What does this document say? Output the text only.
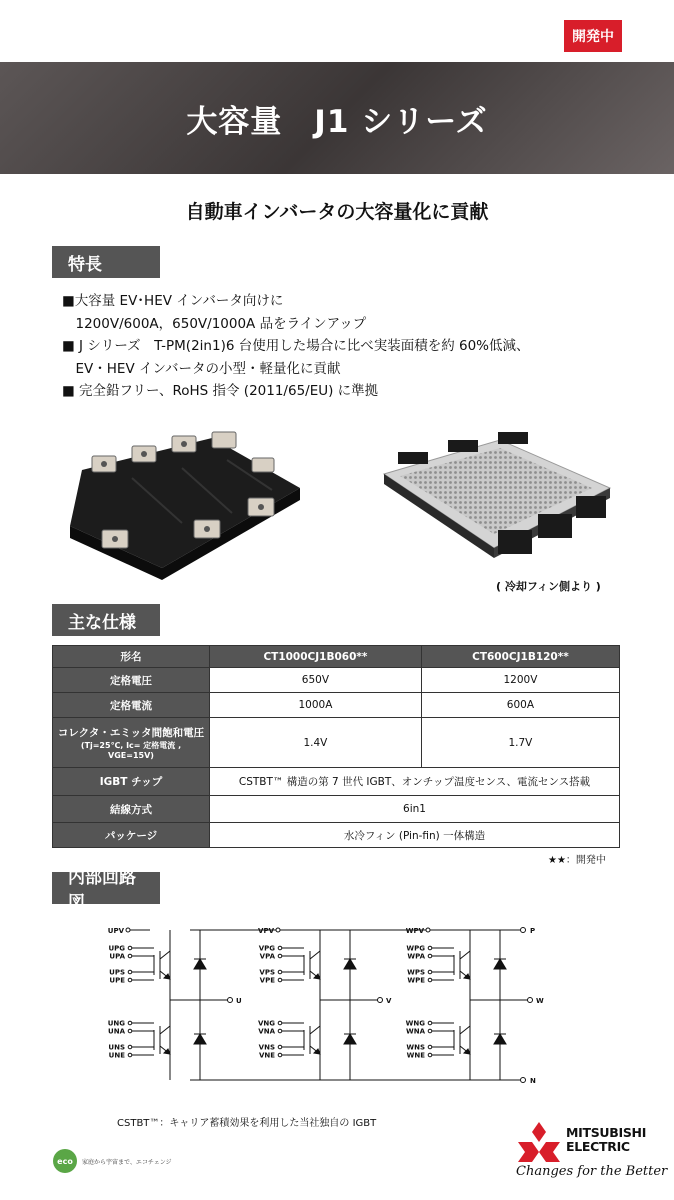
開発中
大容量　J1 シリーズ
自動車インバータの大容量化に貢献
特長
■大容量 EV･HEV インバータ向けに
　1200V/600A，650V/1000A 品をラインアップ
■ J シリーズ　T-PM(2in1)6 台使用した場合に比べ実装面積を約 60%低減、
　EV・HEV インバータの小型・軽量化に貢献
■ 完全鉛フリー、RoHS 指令 (2011/65/EU) に準拠
( 冷却フィン側より )
主な仕様
形名	CT1000CJ1B060**	CT600CJ1B120**
定格電圧	650V	1200V
定格電流	1000A	600A

コレクタ・エミッタ間飽和電圧
(Tj=25℃, Ic= 定格電流 , VGE=15V)	1.4V	1.7V
IGBT チップ	CSTBT™ 構造の第 7 世代 IGBT、オンチップ温度センス、電流センス搭載	
結線方式	6in1	
パッケージ	水冷フィン (Pin-fin) 一体構造	
★★：開発中
内部回路図
P
N
UPV
U
UPG
UPA
UPS
UPE
UNG
UNA
UNS
UNE
VPV
V
VPG
VPA
VPS
VPE
VNG
VNA
VNS
VNE
WPV
W
WPG
WPA
WPS
WPE
WNG
WNA
WNS
WNE
CSTBT™：キャリア蓄積効果を利用した当社独自の IGBT
eco 家庭から宇宙まで、エコチェンジ
MITSUBISHI
ELECTRIC
Changes for the Better
